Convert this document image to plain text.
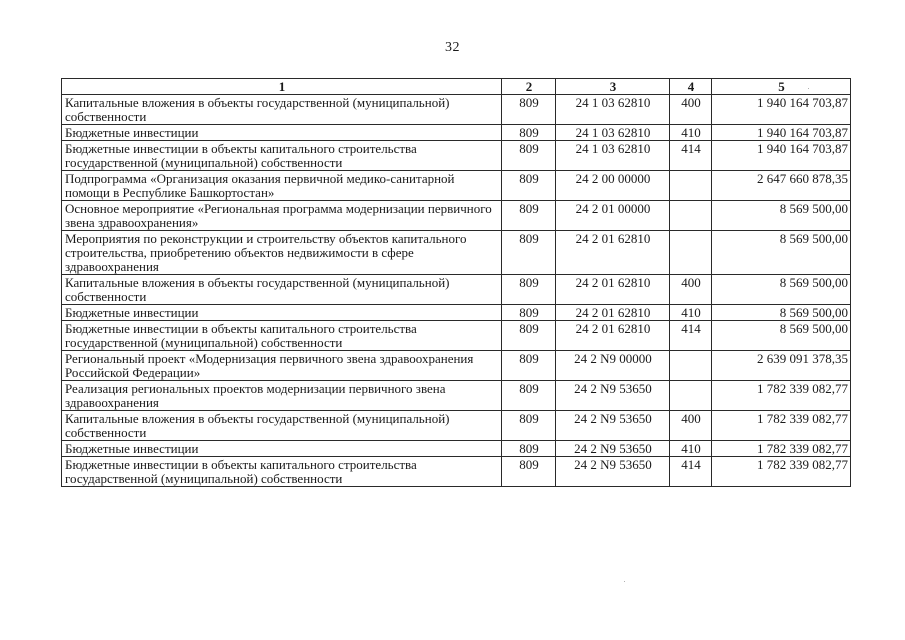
32
1	2	3	4	5
Капитальные вложения в объекты государственной (муниципальной) собственности	809	24 1 03 62810	400	1 940 164 703,87
Бюджетные инвестиции	809	24 1 03 62810	410	1 940 164 703,87
Бюджетные инвестиции в объекты капитального строительства государственной (муниципальной) собственности	809	24 1 03 62810	414	1 940 164 703,87
Подпрограмма «Организация оказания первичной медико-санитарной помощи в Республике Башкортостан»	809	24 2 00 00000		2 647 660 878,35
Основное мероприятие «Региональная программа модернизации первичного звена здравоохранения»	809	24 2 01 00000		8 569 500,00
Мероприятия по реконструкции и строительству объектов капитального строительства, приобретению объектов недвижимости в сфере здравоохранения	809	24 2 01 62810		8 569 500,00
Капитальные вложения в объекты государственной (муниципальной) собственности	809	24 2 01 62810	400	8 569 500,00
Бюджетные инвестиции	809	24 2 01 62810	410	8 569 500,00
Бюджетные инвестиции в объекты капитального строительства государственной (муниципальной) собственности	809	24 2 01 62810	414	8 569 500,00
Региональный проект «Модернизация первичного звена здравоохранения Российской Федерации»	809	24 2 N9 00000		2 639 091 378,35
Реализация региональных проектов модернизации первичного звена здравоохранения	809	24 2 N9 53650		1 782 339 082,77
Капитальные вложения в объекты государственной (муниципальной) собственности	809	24 2 N9 53650	400	1 782 339 082,77
Бюджетные инвестиции	809	24 2 N9 53650	410	1 782 339 082,77
Бюджетные инвестиции в объекты капитального строительства государственной (муниципальной) собственности	809	24 2 N9 53650	414	1 782 339 082,77
